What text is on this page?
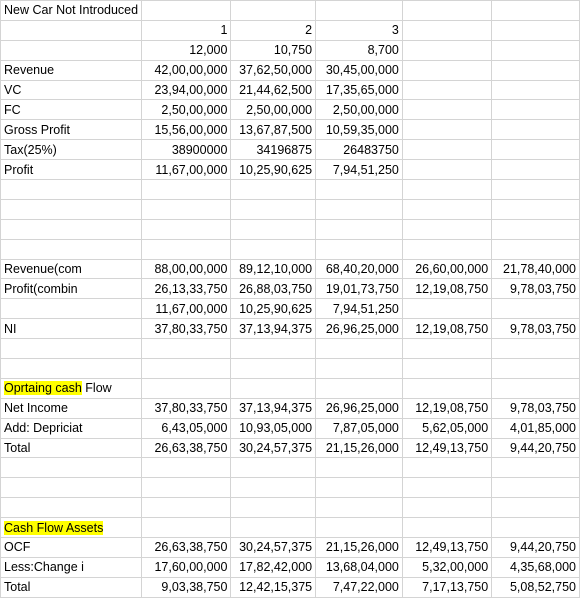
New Car Not Introduced					
	1	2	3		
	12,000	10,750	8,700		
Revenue	42,00,00,000	37,62,50,000	30,45,00,000		
VC	23,94,00,000	21,44,62,500	17,35,65,000		
FC	2,50,00,000	2,50,00,000	2,50,00,000		
Gross Profit	15,56,00,000	13,67,87,500	10,59,35,000		
Tax(25%)	38900000	34196875	26483750		
Profit	11,67,00,000	10,25,90,625	7,94,51,250		

Revenue(com	88,00,00,000	89,12,10,000	68,40,20,000	26,60,00,000	21,78,40,000
Profit(combin	26,13,33,750	26,88,03,750	19,01,73,750	12,19,08,750	9,78,03,750
	11,67,00,000	10,25,90,625	7,94,51,250		
NI	37,80,33,750	37,13,94,375	26,96,25,000	12,19,08,750	9,78,03,750

Oprtaing cash Flow					
Net Income	37,80,33,750	37,13,94,375	26,96,25,000	12,19,08,750	9,78,03,750
Add: Depriciat	6,43,05,000	10,93,05,000	7,87,05,000	5,62,05,000	4,01,85,000
Total	26,63,38,750	30,24,57,375	21,15,26,000	12,49,13,750	9,44,20,750

Cash Flow Assets					
OCF	26,63,38,750	30,24,57,375	21,15,26,000	12,49,13,750	9,44,20,750
Less:Change i	17,60,00,000	17,82,42,000	13,68,04,000	5,32,00,000	4,35,68,000
Total	9,03,38,750	12,42,15,375	7,47,22,000	7,17,13,750	5,08,52,750
